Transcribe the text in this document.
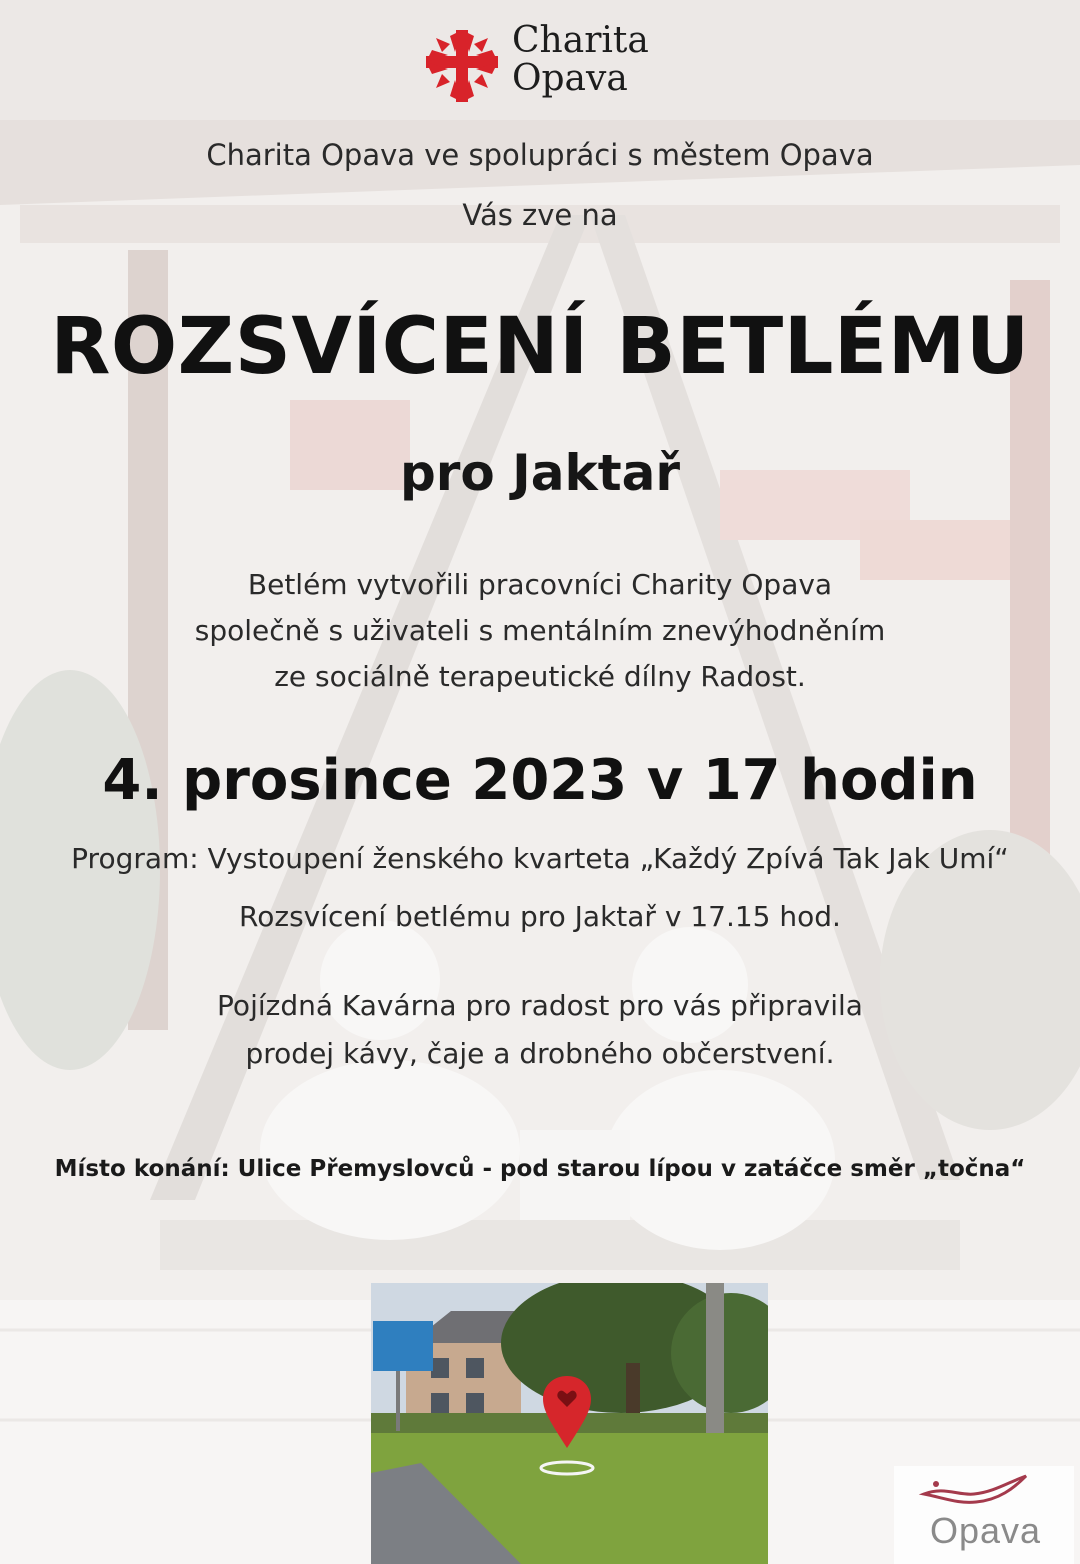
Charita
Opava
Charita Opava ve spolupráci s městem Opava
Vás zve na
ROZSVÍCENÍ BETLÉMU
pro Jaktař
Betlém vytvořili pracovníci Charity Opava
společně s uživateli s mentálním znevýhodněním
ze sociálně terapeutické dílny Radost.
4. prosince 2023 v 17 hodin
Program: Vystoupení ženského kvarteta „Každý Zpívá Tak Jak Umí“
Rozsvícení betlému pro Jaktař v 17.15 hod.
Pojízdná Kavárna pro radost pro vás připravila
prodej kávy, čaje a drobného občerstvení.
Místo konání: Ulice Přemyslovců - pod starou lípou v zatáčce směr „točna“
Opava
